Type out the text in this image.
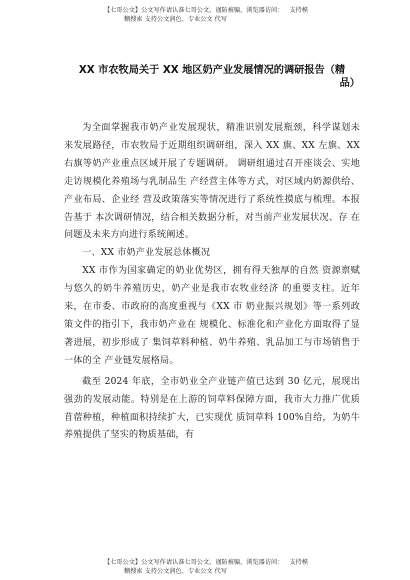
【七哥公文】公文写作请认准七哥公文，谨防被骗，浏览器访问： 支持模
糊搜索 支持公文润色、专业公文 代写
XX 市农牧局关于 XX 地区奶产业发展情况的调研报告（精
品）

为全面掌握我市奶产业发展现状，精准识别发展瓶颈，科学谋划未来发展路径，市农牧局于近期组织调研组，深入 XX 旗、XX 左旗、XX 右旗等奶产业重点区域开展了专题调研。 调研组通过召开座谈会、实地走访规模化养殖场与乳制品生 产经营主体等方式，对区域内奶源供给、产业布局、企业经 营及政策落实等情况进行了系统性摸底与梳理。本报告基于 本次调研情况，结合相关数据分析，对当前产业发展状况、存 在问题及未来方向进行系统阐述。

一、XX 市奶产业发展总体概况

XX 市作为国家确定的奶业优势区，拥有得天独厚的自然 资源禀赋与悠久的奶牛养殖历史，奶产业是我市农牧业经济 的重要支柱。近年来，在市委、市政府的高度重视与《XX 市 奶业振兴规划》等一系列政策文件的指引下，我市奶产业在 规模化、标准化和产业化方面取得了显著进展，初步形成了 集饲草料种植、奶牛养殖、乳品加工与市场销售于一体的全 产业链发展格局。

截至 2024 年底，全市奶业全产业链产值已达到 30 亿元，展现出强劲的发展动能。特别是在上游的饲草料保障方面，我市大力推广优质苜蓿种植，种植面积持续扩大，已实现优 质饲草料 100%自给，为奶牛养殖提供了坚实的物质基础，有

【七哥公文】公文写作请认准七哥公文，谨防被骗，浏览器访问： 支持模
糊搜索 支持公文润色、专业公文 代写
